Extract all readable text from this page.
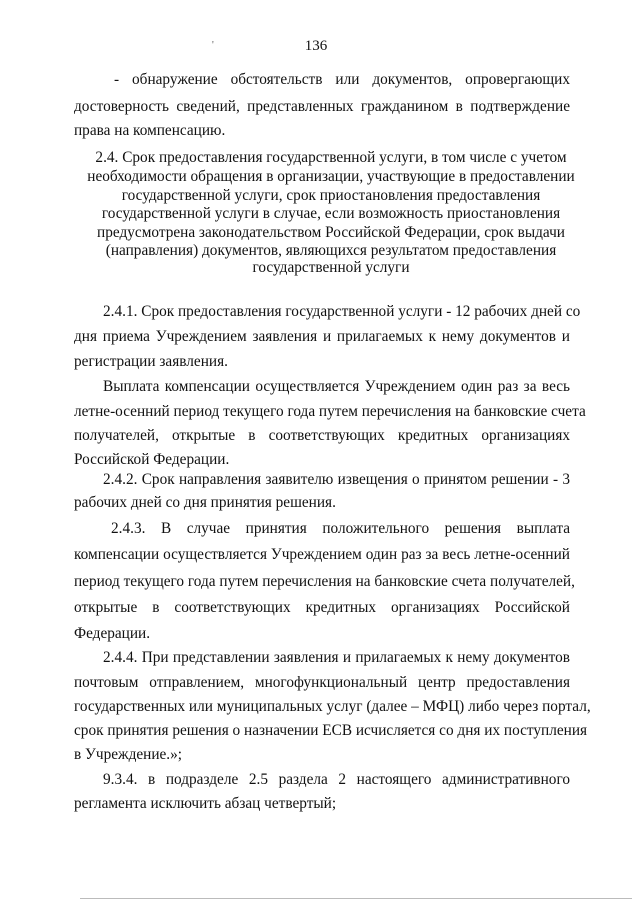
136
'
- обнаружение обстоятельств или документов, опровергающих
достоверность сведений, представленных гражданином в подтверждение
права на компенсацию.
2.4. Срок предоставления государственной услуги, в том числе с учетом
необходимости обращения в организации, участвующие в предоставлении
государственной услуги, срок приостановления предоставления
государственной услуги в случае, если возможность приостановления
предусмотрена законодательством Российской Федерации, срок выдачи
(направления) документов, являющихся результатом предоставления
государственной услуги
2.4.1. Срок предоставления государственной услуги - 12 рабочих дней со
дня приема Учреждением заявления и прилагаемых к нему документов и
регистрации заявления.
Выплата компенсации осуществляется Учреждением один раз за весь
летне-осенний период текущего года путем перечисления на банковские счета
получателей, открытые в соответствующих кредитных организациях
Российской Федерации.
2.4.2. Срок направления заявителю извещения о принятом решении - 3
рабочих дней со дня принятия решения.
2.4.3. В случае принятия положительного решения выплата
компенсации осуществляется Учреждением один раз за весь летне-осенний
период текущего года путем перечисления на банковские счета получателей,
открытые в соответствующих кредитных организациях Российской
Федерации.
2.4.4. При представлении заявления и прилагаемых к нему документов
почтовым отправлением, многофункциональный центр предоставления
государственных или муниципальных услуг (далее – МФЦ) либо через портал,
срок принятия решения о назначении ЕСВ исчисляется со дня их поступления
в Учреждение.»;
9.3.4. в подразделе 2.5 раздела 2 настоящего административного
регламента исключить абзац четвертый;
